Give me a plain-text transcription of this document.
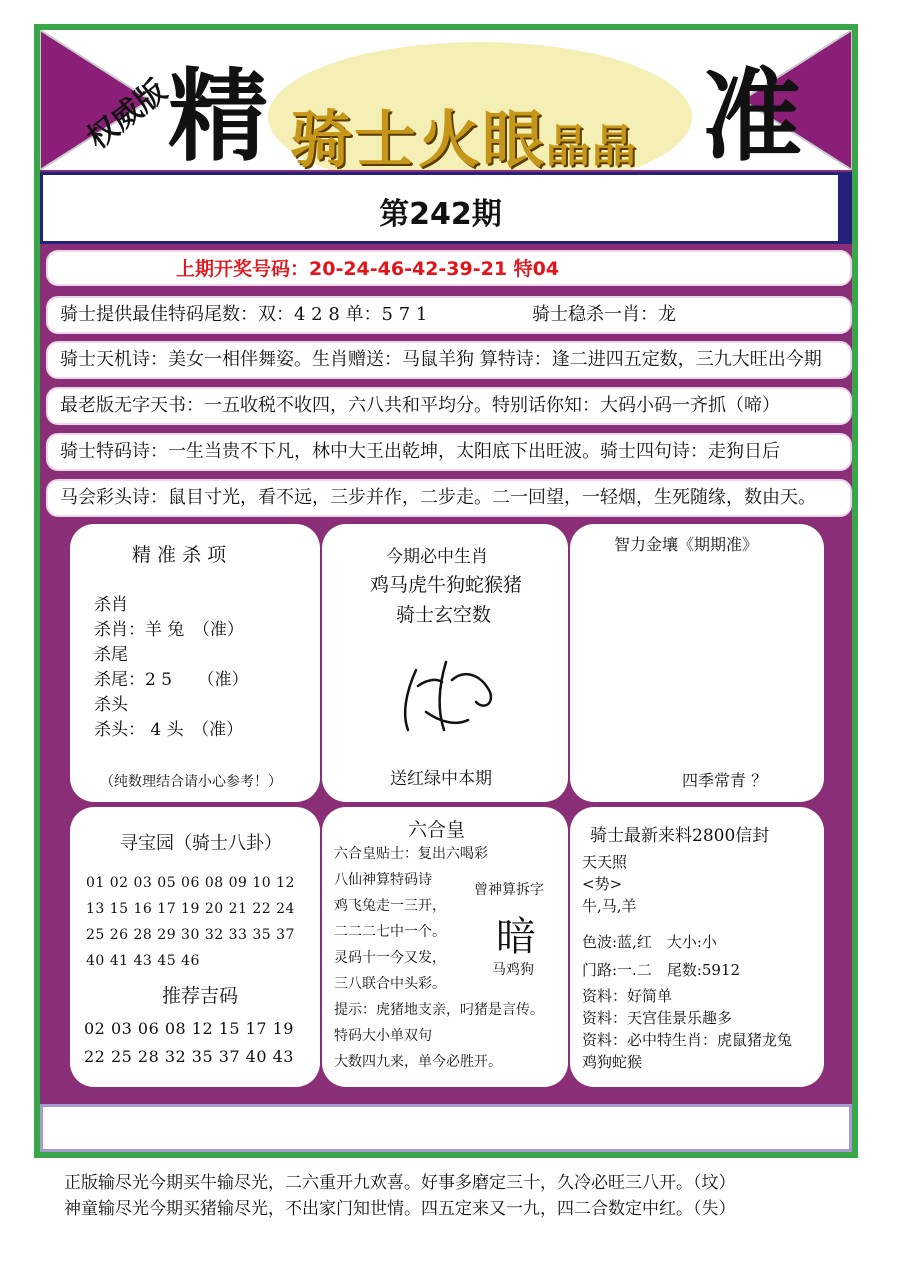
权威版
精 骑士火眼晶晶 准
第242期
上期开奖号码：20-24-46-42-39-21 特04
骑士提供最佳特码尾数：双：4 2 8 单：5 7 1	骑士稳杀一肖：龙
骑士天机诗：美女一相伴舞姿。生肖赠送：马鼠羊狗 算特诗：逢二进四五定数，三九大旺出今期
最老版无字天书：一五收税不收四，六八共和平均分。特别话你知：大码小码一齐抓（啼）
骑士特码诗：一生当贵不下凡，林中大王出乾坤，太阳底下出旺波。骑士四句诗：走狗日后
马会彩头诗：鼠目寸光，看不远，三步并作，二步走。二一回望，一轻烟，生死随缘，数由天。
精 准 杀 项
杀肖
杀肖：羊 兔　（准）
杀尾
杀尾：2 5　　（准）
杀头
杀头： 4 头　（准）
（纯数理结合请小心参考！）
今期必中生肖
鸡马虎牛狗蛇猴猪
骑士玄空数
送红绿中本期
智力金壤《期期准》
四季常青 ？
寻宝园（骑士八卦）
01 02 03 05 06 08 09 10 12
13 15 16 17 19 20 21 22 24
25 26 28 29 30 32 33 35 37
40 41 43 45 46
推荐吉码
02 03 06 08 12 15 17 19
22 25 28 32 35 37 40 43
六合皇
六合皇贴士：复出六喝彩
八仙神算特码诗
鸡飞兔走一三开，
二二二七中一个。
灵码十一今又发，
三八联合中头彩。
提示：虎猪地支亲，叼猪是言传。
特码大小单双句
大数四九来，单今必胜开。
曾神算拆字
暗
马鸡狗
骑士最新来料2800信封
天天照
<势>
牛,马,羊
色波:蓝,红　大小:小
门路:一.二　尾数:5912
资料：好简单
资料：天宫佳景乐趣多
资料：必中特生肖：虎鼠猪龙兔
鸡狗蛇猴
正版输尽光今期买牛输尽光，二六重开九欢喜。好事多磨定三十，久冷必旺三八开。（坟）
神童输尽光今期买猪输尽光，不出家门知世情。四五定来又一九，四二合数定中红。（失）
